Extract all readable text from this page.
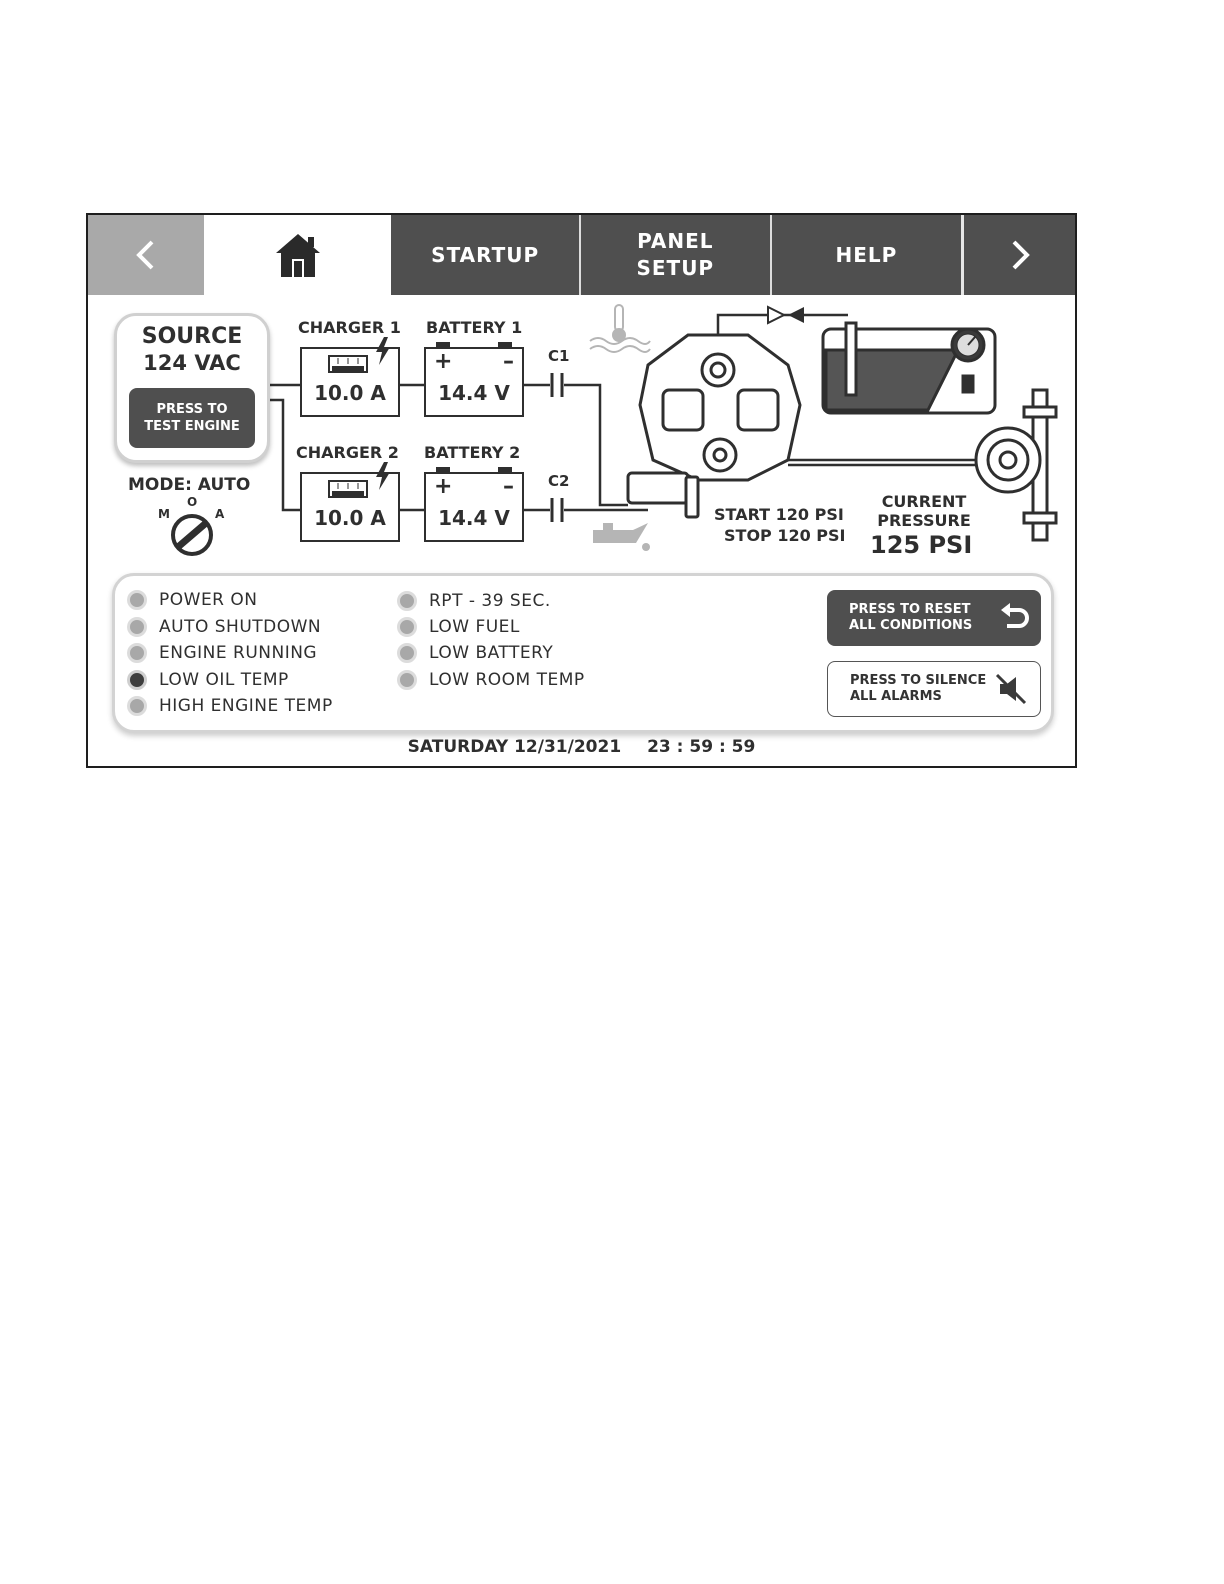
STARTUP
PANEL
SETUP
HELP
SOURCE
124 VAC
PRESS TO
TEST ENGINE
MODE: AUTO
M
O
A
CHARGER 1
10.0 A
BATTERY 1
+ –
14.4 V
C1
CHARGER 2
10.0 A
BATTERY 2
+ –
14.4 V
C2
START 120 PSI
STOP 120 PSI
CURRENT
PRESSURE
125 PSI
POWER ON
AUTO SHUTDOWN
ENGINE RUNNING
LOW OIL TEMP
HIGH ENGINE TEMP
RPT - 39 SEC.
LOW FUEL
LOW BATTERY
LOW ROOM TEMP
PRESS TO RESET
ALL CONDITIONS
PRESS TO SILENCE
ALL ALARMS
SATURDAY 12/31/2021 23 : 59 : 59
